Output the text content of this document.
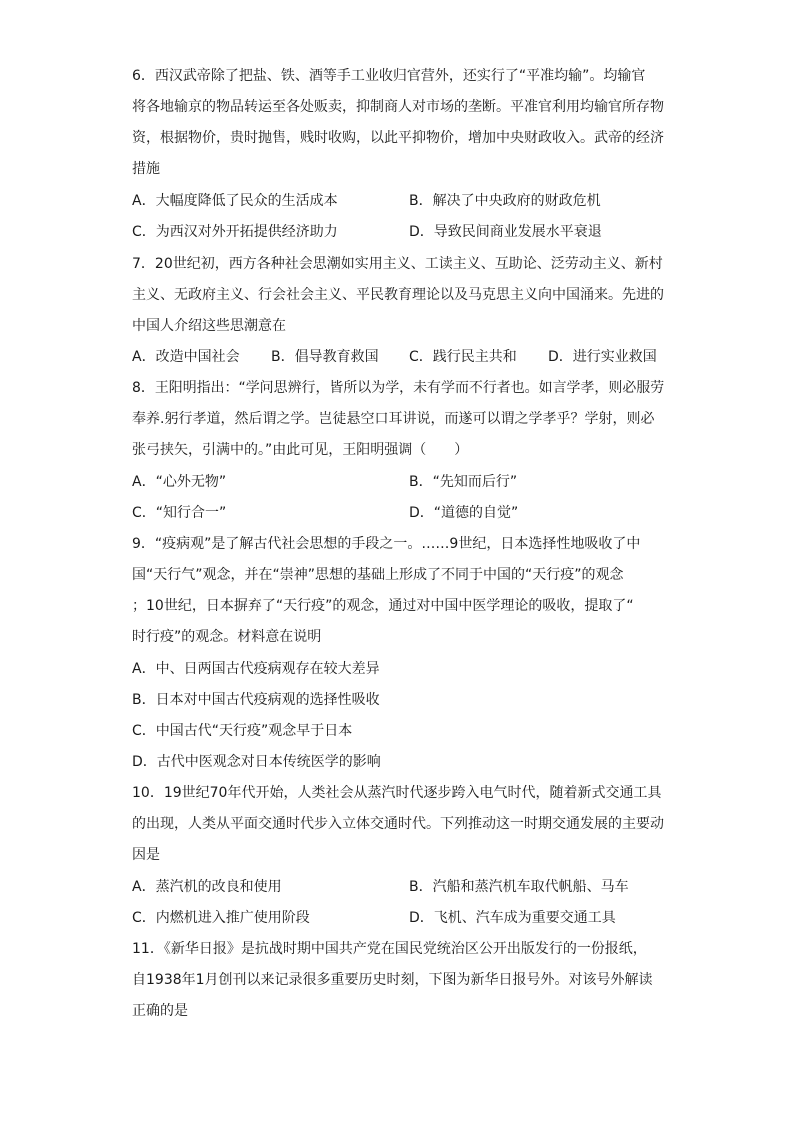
6．西汉武帝除了把盐、铁、酒等手工业收归官营外，还实行了“平准均输”。均输官
将各地输京的物品转运至各处贩卖，抑制商人对市场的垄断。平准官利用均输官所存物
资，根据物价，贵时抛售，贱时收购，以此平抑物价，增加中央财政收入。武帝的经济
措施
A．大幅度降低了民众的生活成本	B．解决了中央政府的财政危机
C．为西汉对外开拓提供经济助力	D．导致民间商业发展水平衰退
7．20世纪初，西方各种社会思潮如实用主义、工读主义、互助论、泛劳动主义、新村
主义、无政府主义、行会社会主义、平民教育理论以及马克思主义向中国涌来。先进的
中国人介绍这些思潮意在
A．改造中国社会 B．倡导教育救国 C．践行民主共和 D．进行实业救国
8．王阳明指出：“学问思辨行，皆所以为学，未有学而不行者也。如言学孝，则必服劳
奉养.躬行孝道，然后谓之学。岂徒悬空口耳讲说，而遂可以谓之学孝乎？学射，则必
张弓挟矢，引满中的。”由此可见，王阳明强调（　　）
A．“心外无物”	B．“先知而后行”
C．“知行合一”	D．“道德的自觉”
9．“疫病观”是了解古代社会思想的手段之一。……9世纪，日本选择性地吸收了中
国“天行气”观念，并在“崇神”思想的基础上形成了不同于中国的“天行疫”的观念
；10世纪，日本摒弃了“天行疫”的观念，通过对中国中医学理论的吸收，提取了“
时行疫”的观念。材料意在说明
A．中、日两国古代疫病观存在较大差异
B．日本对中国古代疫病观的选择性吸收
C．中国古代“天行疫”观念早于日本
D．古代中医观念对日本传统医学的影响
10．19世纪70年代开始，人类社会从蒸汽时代逐步跨入电气时代，随着新式交通工具
的出现，人类从平面交通时代步入立体交通时代。下列推动这一时期交通发展的主要动
因是
A．蒸汽机的改良和使用	B．汽船和蒸汽机车取代帆船、马车
C．内燃机进入推广使用阶段	D．飞机、汽车成为重要交通工具
11．《新华日报》是抗战时期中国共产党在国民党统治区公开出版发行的一份报纸，
自1938年1月创刊以来记录很多重要历史时刻，下图为新华日报号外。对该号外解读
正确的是
